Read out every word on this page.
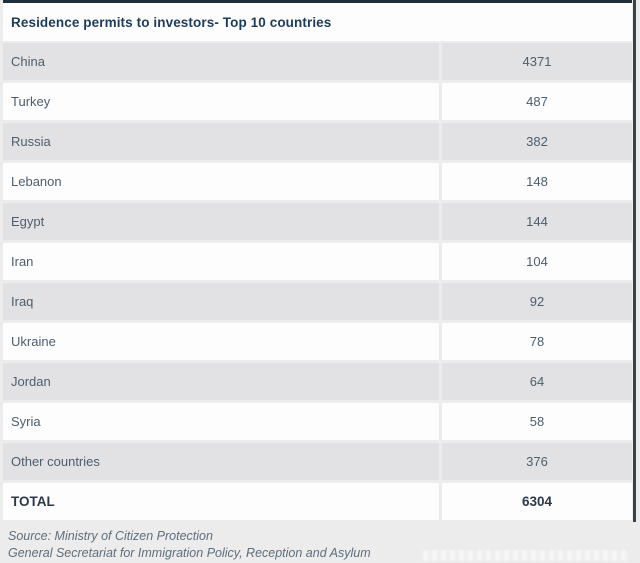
Residence permits to investors- Top 10 countries
China	4371
Turkey	487
Russia	382
Lebanon	148
Egypt	144
Iran	104
Iraq	92
Ukraine	78
Jordan	64
Syria	58
Other countries	376
TOTAL	6304
Source: Ministry of Citizen Protection
General Secretariat for Immigration Policy, Reception and Asylum
